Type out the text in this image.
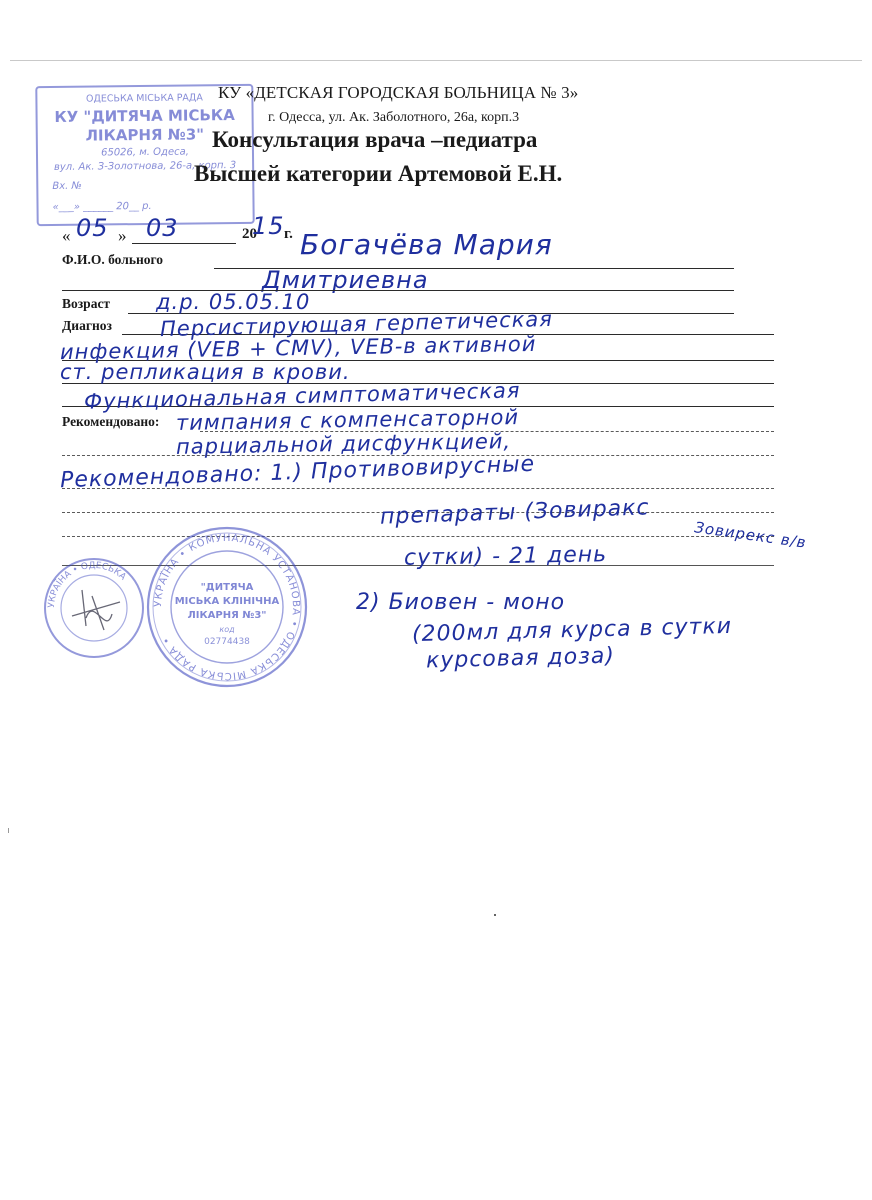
ОДЕСЬКА МІСЬКА РАДА
КУ "ДИТЯЧА МІСЬКА
ЛІКАРНЯ №3"
65026, м. Одеса,
вул. Ак. З-Золотнова, 26-а, корп. 3
Вх. №
«___» ______ 20__ р.
КУ «ДЕТСКАЯ ГОРОДСКАЯ БОЛЬНИЦА № 3»
г. Одесса, ул. Ак. Заболотного, 26а, корп.3
Консультация врача –педиатра
Высшей категории Артемовой Е.Н.
« 05 » 03	20
15 г.
Ф.И.О. больного	Богачёва Мария
Дмитриевна
Возраст д.р. 05.05.10
Диагноз Персистирующая герпетическая
инфекция (VEB + CMV), VEB-в активной
ст. репликация в крови.
Функциональная симптоматическая
тимпания с компенсаторной
парциальной дисфункцией,
Рекомендовано:
Рекомендовано: 1.) Противовирусные
препараты (Зовиракс
сутки) - 21 день
2) Биовен - моно
(200мл для курса в сутки
курсовая доза)
Зовирекс в/в
УКРАЇНА • ОДЕСЬКА
УКРАЇНА • КОМУНАЛЬНА УСТАНОВА • ОДЕСЬКА МІСЬКА РАДА •
"ДИТЯЧА
МІСЬКА КЛІНІЧНА
ЛІКАРНЯ №3"
код
02774438
